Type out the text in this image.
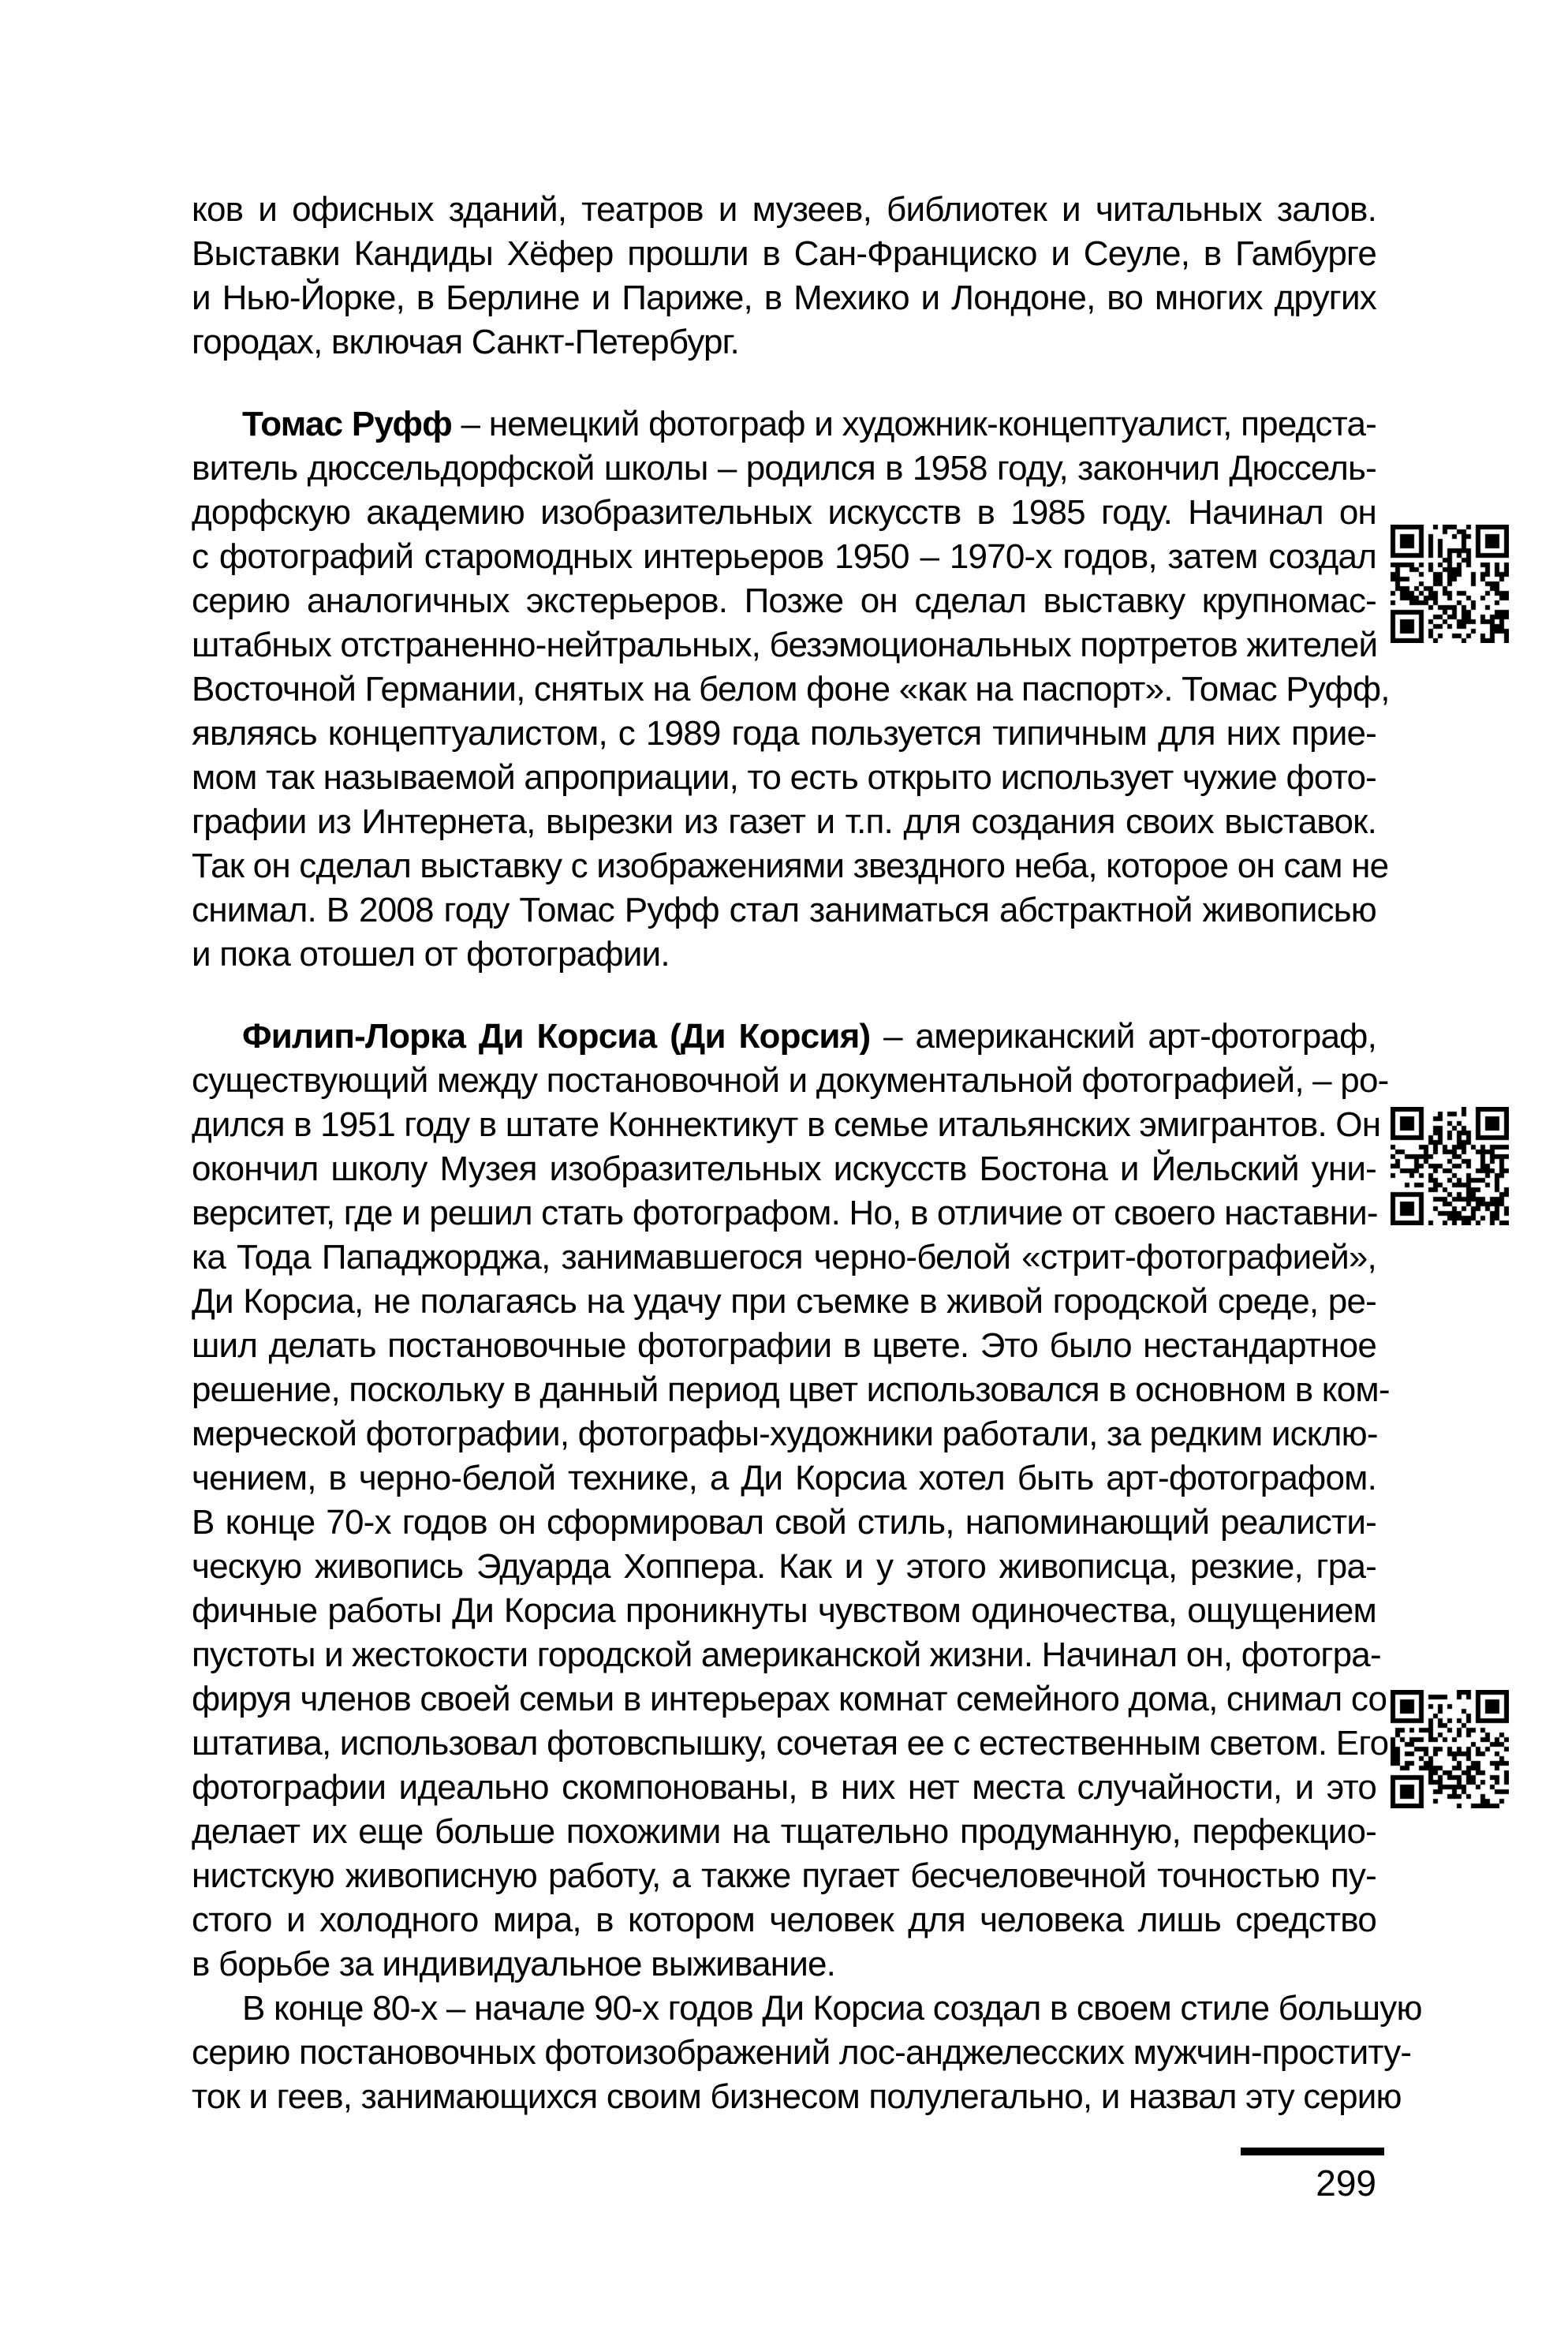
ков и офисных зданий, театров и музеев, библиотек и читальных залов.
Выставки Кандиды Хёфер прошли в Сан-Франциско и Сеуле, в Гамбурге
и Нью-Йорке, в Берлине и Париже, в Мехико и Лондоне, во многих других
городах, включая Санкт-Петербург.
Томас Руфф – немецкий фотограф и художник-концептуалист, предста-
витель дюссельдорфской школы – родился в 1958 году, закончил Дюссель-
дорфскую академию изобразительных искусств в 1985 году. Начинал он
с фотографий старомодных интерьеров 1950 – 1970-х годов, затем создал
серию аналогичных экстерьеров. Позже он сделал выставку крупномас-
штабных отстраненно-нейтральных, безэмоциональных портретов жителей
Восточной Германии, снятых на белом фоне «как на паспорт». Томас Руфф,
являясь концептуалистом, с 1989 года пользуется типичным для них прие-
мом так называемой апроприации, то есть открыто использует чужие фото-
графии из Интернета, вырезки из газет и т.п. для создания своих выставок.
Так он сделал выставку с изображениями звездного неба, которое он сам не
снимал. В 2008 году Томас Руфф стал заниматься абстрактной живописью
и пока отошел от фотографии.
Филип-Лорка Ди Корсиа (Ди Корсия) – американский арт-фотограф,
существующий между постановочной и документальной фотографией, – ро-
дился в 1951 году в штате Коннектикут в семье итальянских эмигрантов. Он
окончил школу Музея изобразительных искусств Бостона и Йельский уни-
верситет, где и решил стать фотографом. Но, в отличие от своего наставни-
ка Тода Пападжорджа, занимавшегося черно-белой «стрит-фотографией»,
Ди Корсиа, не полагаясь на удачу при съемке в живой городской среде, ре-
шил делать постановочные фотографии в цвете. Это было нестандартное
решение, поскольку в данный период цвет использовался в основном в ком-
мерческой фотографии, фотографы-художники работали, за редким исклю-
чением, в черно-белой технике, а Ди Корсиа хотел быть арт-фотографом.
В конце 70-х годов он сформировал свой стиль, напоминающий реалисти-
ческую живопись Эдуарда Хоппера. Как и у этого живописца, резкие, гра-
фичные работы Ди Корсиа проникнуты чувством одиночества, ощущением
пустоты и жестокости городской американской жизни. Начинал он, фотогра-
фируя членов своей семьи в интерьерах комнат семейного дома, снимал со
штатива, использовал фотовспышку, сочетая ее с естественным светом. Его
фотографии идеально скомпонованы, в них нет места случайности, и это
делает их еще больше похожими на тщательно продуманную, перфекцио-
нистскую живописную работу, а также пугает бесчеловечной точностью пу-
стого и холодного мира, в котором человек для человека лишь средство
в борьбе за индивидуальное выживание.
В конце 80-х – начале 90-х годов Ди Корсиа создал в своем стиле большую
серию постановочных фотоизображений лос-анджелесских мужчин-проститу-
ток и геев, занимающихся своим бизнесом полулегально, и назвал эту серию
299
